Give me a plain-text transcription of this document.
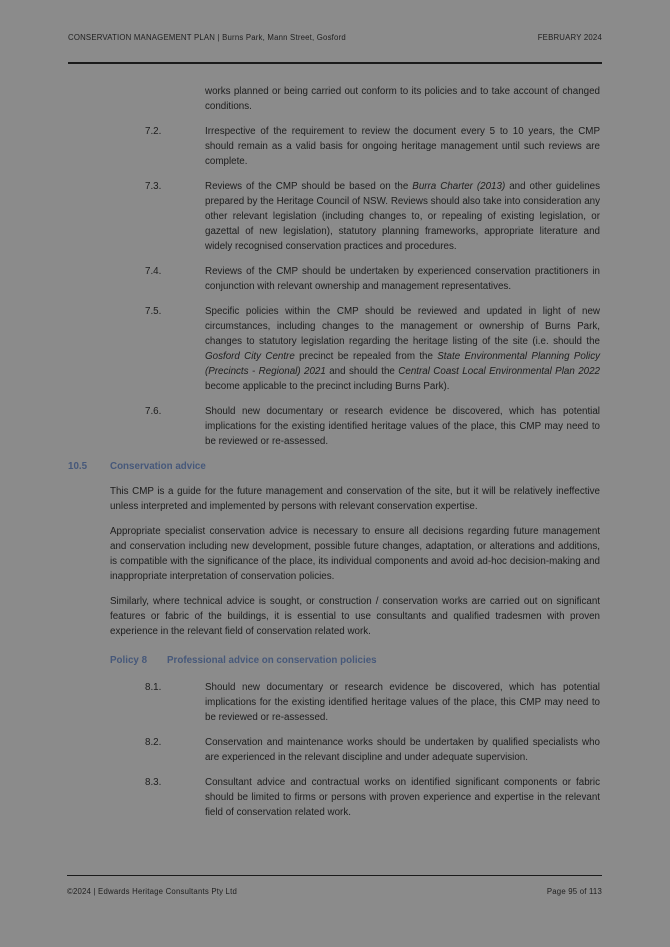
CONSERVATION MANAGEMENT PLAN | Burns Park, Mann Street, Gosford	FEBRUARY 2024

works planned or being carried out conform to its policies and to take account of changed conditions.

7.2.	Irrespective of the requirement to review the document every 5 to 10 years, the CMP should remain as a valid basis for ongoing heritage management until such reviews are complete.
7.3.	Reviews of the CMP should be based on the Burra Charter (2013) and other guidelines prepared by the Heritage Council of NSW. Reviews should also take into consideration any other relevant legislation (including changes to, or repealing of existing legislation, or gazettal of new legislation), statutory planning frameworks, appropriate literature and widely recognised conservation practices and procedures.
7.4.	Reviews of the CMP should be undertaken by experienced conservation practitioners in conjunction with relevant ownership and management representatives.
7.5.	Specific policies within the CMP should be reviewed and updated in light of new circumstances, including changes to the management or ownership of Burns Park, changes to statutory legislation regarding the heritage listing of the site (i.e. should the Gosford City Centre precinct be repealed from the State Environmental Planning Policy (Precincts - Regional) 2021 and should the Central Coast Local Environmental Plan 2022 become applicable to the precinct including Burns Park).
7.6.	Should new documentary or research evidence be discovered, which has potential implications for the existing identified heritage values of the place, this CMP may need to be reviewed or re-assessed.
10.5	Conservation advice

This CMP is a guide for the future management and conservation of the site, but it will be relatively ineffective unless interpreted and implemented by persons with relevant conservation expertise.

Appropriate specialist conservation advice is necessary to ensure all decisions regarding future management and conservation including new development, possible future changes, adaptation, or alterations and additions, is compatible with the significance of the place, its individual components and avoid ad-hoc decision-making and inappropriate interpretation of conservation policies.

Similarly, where technical advice is sought, or construction / conservation works are carried out on significant features or fabric of the buildings, it is essential to use consultants and qualified tradesmen with proven experience in the relevant field of conservation related work.

Policy 8	Professional advice on conservation policies
8.1.	Should new documentary or research evidence be discovered, which has potential implications for the existing identified heritage values of the place, this CMP may need to be reviewed or re-assessed.
8.2.	Conservation and maintenance works should be undertaken by qualified specialists who are experienced in the relevant discipline and under adequate supervision.
8.3.	Consultant advice and contractual works on identified significant components or fabric should be limited to firms or persons with proven experience and expertise in the relevant field of conservation related work.
©2024 | Edwards Heritage Consultants Pty Ltd	Page 95 of 113
